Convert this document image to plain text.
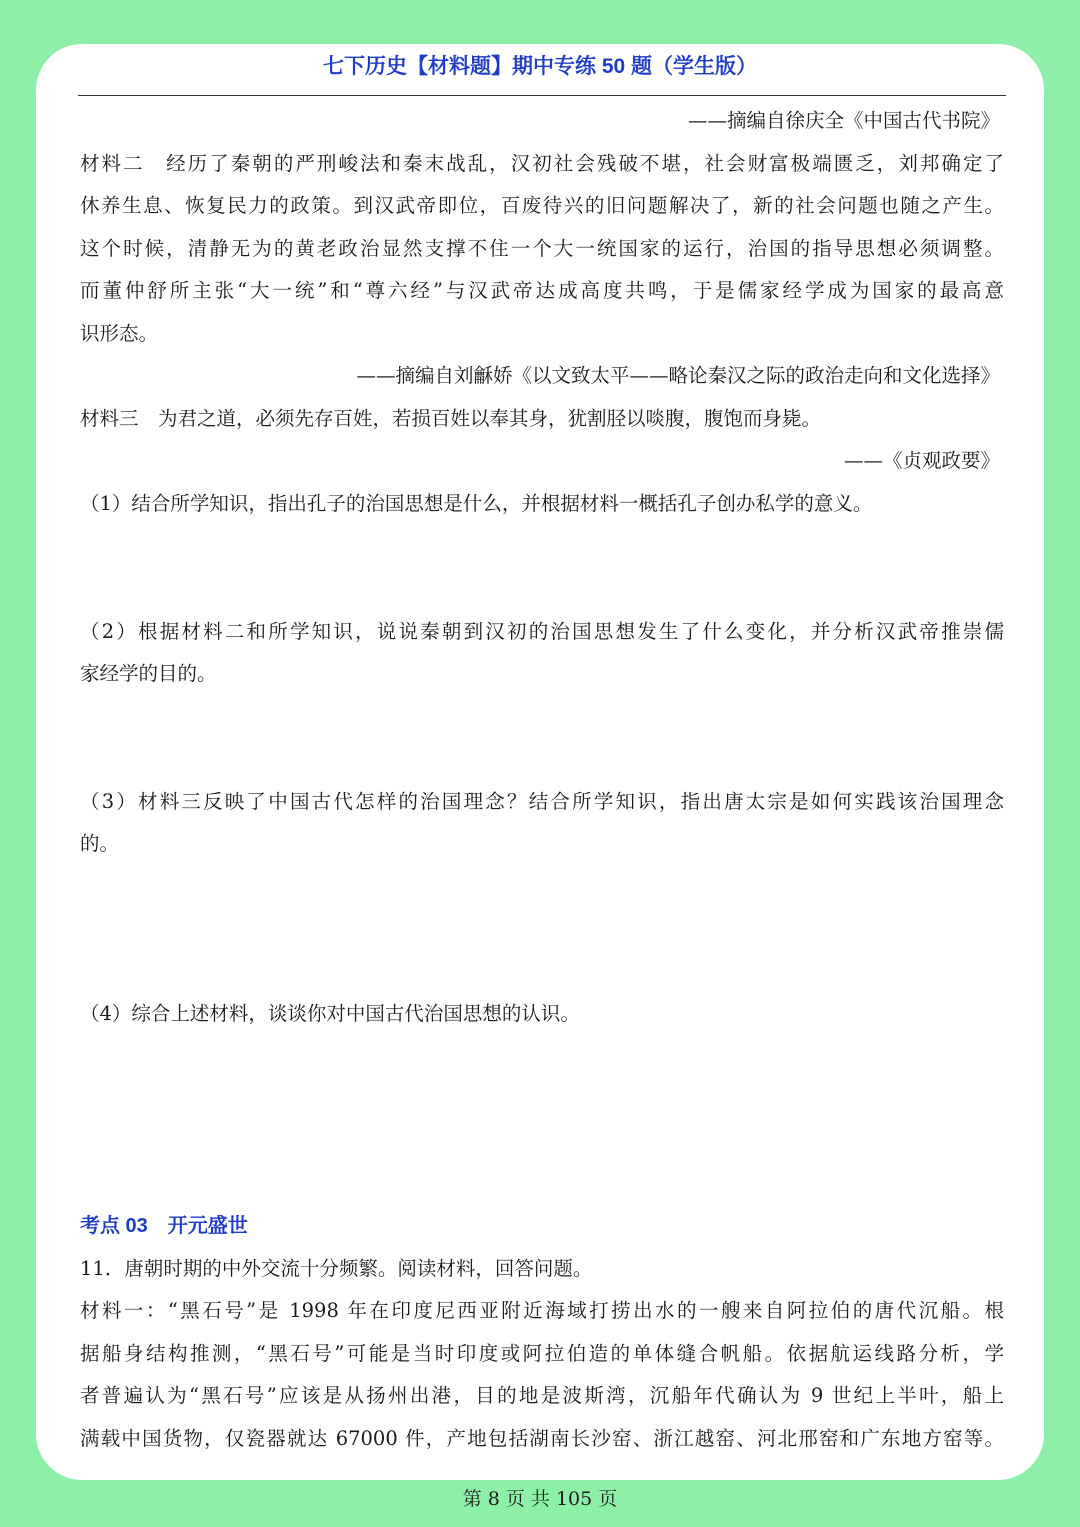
七下历史【材料题】期中专练 50 题（学生版）
——摘编自徐庆全《中国古代书院》
材料二　经历了秦朝的严刑峻法和秦末战乱，汉初社会残破不堪，社会财富极端匮乏，刘邦确定了
休养生息、恢复民力的政策。到汉武帝即位，百废待兴的旧问题解决了，新的社会问题也随之产生。
这个时候，清静无为的黄老政治显然支撑不住一个大一统国家的运行，治国的指导思想必须调整。
而董仲舒所主张“大一统”和“尊六经”与汉武帝达成高度共鸣，于是儒家经学成为国家的最高意
识形态。
——摘编自刘龢娇《以文致太平——略论秦汉之际的政治走向和文化选择》
材料三　为君之道，必须先存百姓，若损百姓以奉其身，犹割胫以啖腹，腹饱而身毙。
——《贞观政要》
（1）结合所学知识，指出孔子的治国思想是什么，并根据材料一概括孔子创办私学的意义。
（2）根据材料二和所学知识，说说秦朝到汉初的治国思想发生了什么变化，并分析汉武帝推崇儒
家经学的目的。
（3）材料三反映了中国古代怎样的治国理念？结合所学知识，指出唐太宗是如何实践该治国理念
的。
（4）综合上述材料，谈谈你对中国古代治国思想的认识。
考点 03　开元盛世
11．唐朝时期的中外交流十分频繁。阅读材料，回答问题。
材料一：“黑石号”是 1998 年在印度尼西亚附近海域打捞出水的一艘来自阿拉伯的唐代沉船。根
据船身结构推测，“黑石号”可能是当时印度或阿拉伯造的单体缝合帆船。依据航运线路分析，学
者普遍认为“黑石号”应该是从扬州出港，目的地是波斯湾，沉船年代确认为 9 世纪上半叶，船上
满载中国货物，仅瓷器就达 67000 件，产地包括湖南长沙窑、浙江越窑、河北邢窑和广东地方窑等。
第 8 页 共 105 页
